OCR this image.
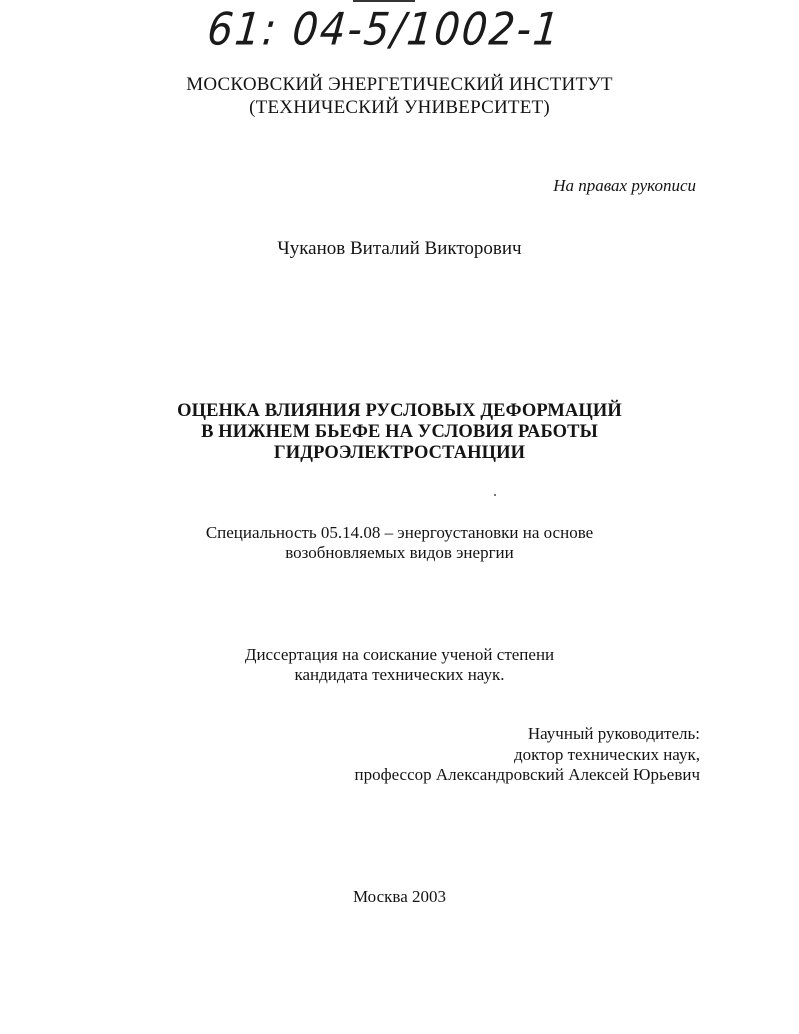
61: 04-5/1002-1
МОСКОВСКИЙ ЭНЕРГЕТИЧЕСКИЙ ИНСТИТУТ
(ТЕХНИЧЕСКИЙ УНИВЕРСИТЕТ)
На правах рукописи
Чуканов Виталий Викторович
ОЦЕНКА ВЛИЯНИЯ РУСЛОВЫХ ДЕФОРМАЦИЙ
В НИЖНЕМ БЬЕФЕ НА УСЛОВИЯ РАБОТЫ
ГИДРОЭЛЕКТРОСТАНЦИИ
Специальность 05.14.08 – энергоустановки на основе
возобновляемых видов энергии
Диссертация на соискание ученой степени
кандидата технических наук.
Научный руководитель:
доктор технических наук,
профессор Александровский Алексей Юрьевич
Москва 2003
